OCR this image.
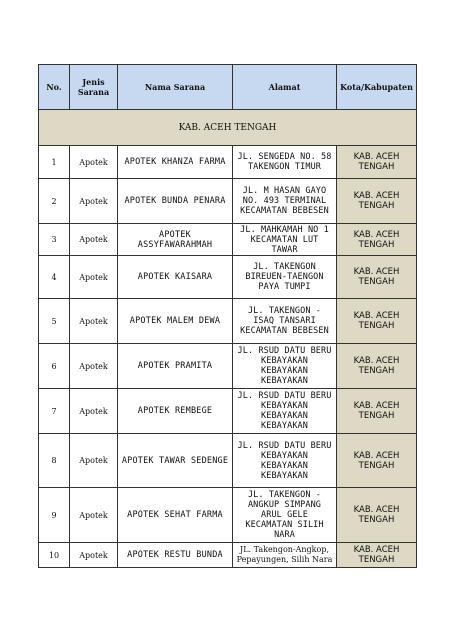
No.	Jenis Sarana	Nama Sarana	Alamat	Kota/Kabupaten
KAB. ACEH TENGAH				
1	Apotek	APOTEK KHANZA FARMA	JL. SENGEDA NO. 58 TAKENGON TIMUR	KAB. ACEH TENGAH
2	Apotek	APOTEK BUNDA PENARA	JL. M HASAN GAYO NO. 493 TERMINAL KECAMATAN BEBESEN	KAB. ACEH TENGAH
3	Apotek	APOTEK ASSYFAWARAHMAH	JL. MAHKAMAH NO 1 KECAMATAN LUT TAWAR	KAB. ACEH TENGAH
4	Apotek	APOTEK KAISARA	JL. TAKENGON BIREUEN-TAENGON PAYA TUMPI	KAB. ACEH TENGAH
5	Apotek	APOTEK MALEM DEWA	JL. TAKENGON - ISAQ TANSARI KECAMATAN BEBESEN	KAB. ACEH TENGAH
6	Apotek	APOTEK PRAMITA	JL. RSUD DATU BERU KEBAYAKAN KEBAYAKAN KEBAYAKAN	KAB. ACEH TENGAH
7	Apotek	APOTEK REMBEGE	JL. RSUD DATU BERU KEBAYAKAN KEBAYAKAN KEBAYAKAN	KAB. ACEH TENGAH
8	Apotek	APOTEK TAWAR SEDENGE	JL. RSUD DATU BERU KEBAYAKAN KEBAYAKAN KEBAYAKAN	KAB. ACEH TENGAH
9	Apotek	APOTEK SEHAT FARMA	JL. TAKENGON - ANGKUP SIMPANG ARUL GELE KECAMATAN SILIH NARA	KAB. ACEH TENGAH
10	Apotek	APOTEK RESTU BUNDA	JL. Takengon-Angkop, Pepayungen, Silih Nara	KAB. ACEH TENGAH
